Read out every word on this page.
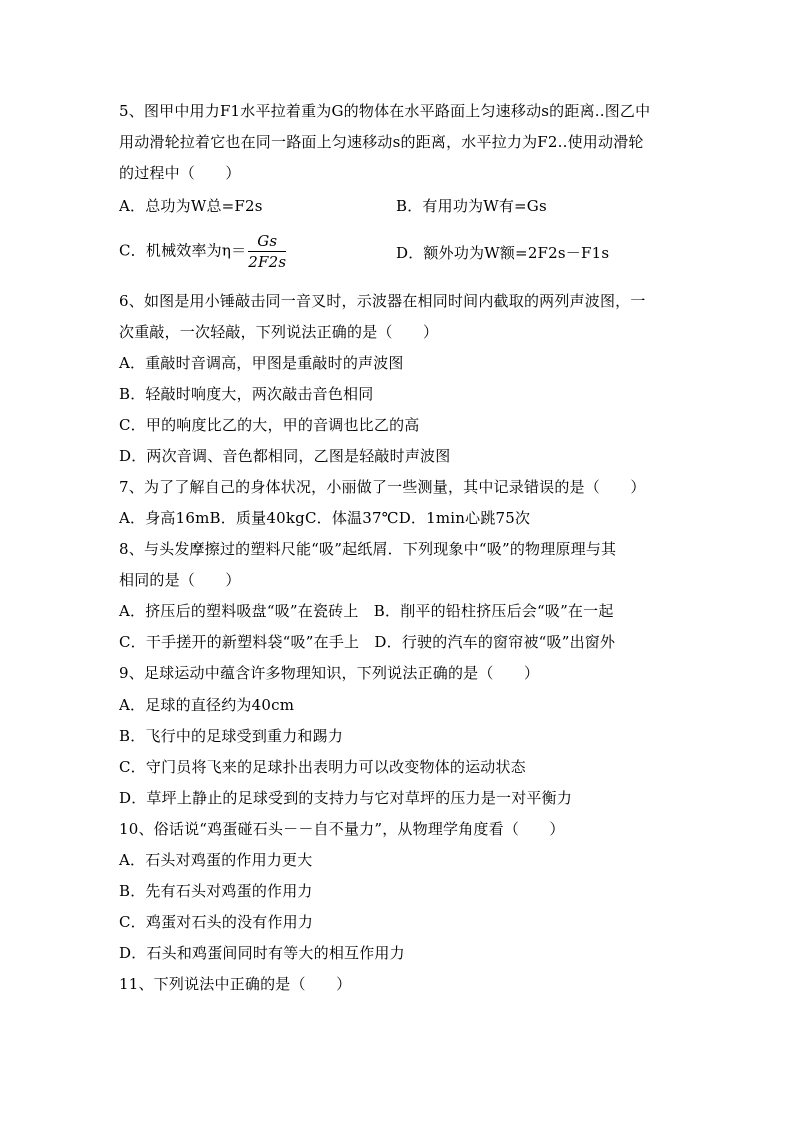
5、图甲中用力F1水平拉着重为G的物体在水平路面上匀速移动s的距离..图乙中
用动滑轮拉着它也在同一路面上匀速移动s的距离，水平拉力为F2..使用动滑轮
的过程中（　　）
A．总功为W总=F2s	B．有用功为W有=Gs
C．机械效率为$\eta= \frac{Gs}{2F2s}$	D．额外功为W额=2F2s－F1s
6、如图是用小锤敲击同一音叉时，示波器在相同时间内截取的两列声波图，一
次重敲，一次轻敲，下列说法正确的是（　　）
A．重敲时音调高，甲图是重敲时的声波图
B．轻敲时响度大，两次敲击音色相同
C．甲的响度比乙的大，甲的音调也比乙的高
D．两次音调、音色都相同，乙图是轻敲时声波图
7、为了了解自己的身体状况，小丽做了一些测量，其中记录错误的是（　　）
A．身高16mB．质量40kgC．体温37℃D．1min心跳75次
8、与头发摩擦过的塑料尺能“吸”起纸屑．下列现象中“吸”的物理原理与其
相同的是（　　）
A．挤压后的塑料吸盘“吸”在瓷砖上　B．削平的铅柱挤压后会“吸”在一起
C．干手搓开的新塑料袋“吸”在手上　D．行驶的汽车的窗帘被“吸”出窗外
9、足球运动中蕴含许多物理知识，下列说法正确的是（　　）
A．足球的直径约为40cm
B．飞行中的足球受到重力和踢力
C．守门员将飞来的足球扑出表明力可以改变物体的运动状态
D．草坪上静止的足球受到的支持力与它对草坪的压力是一对平衡力
10、俗话说“鸡蛋碰石头－－自不量力”，从物理学角度看（　　）
A．石头对鸡蛋的作用力更大
B．先有石头对鸡蛋的作用力
C．鸡蛋对石头的没有作用力
D．石头和鸡蛋间同时有等大的相互作用力
11、下列说法中正确的是（　　）
